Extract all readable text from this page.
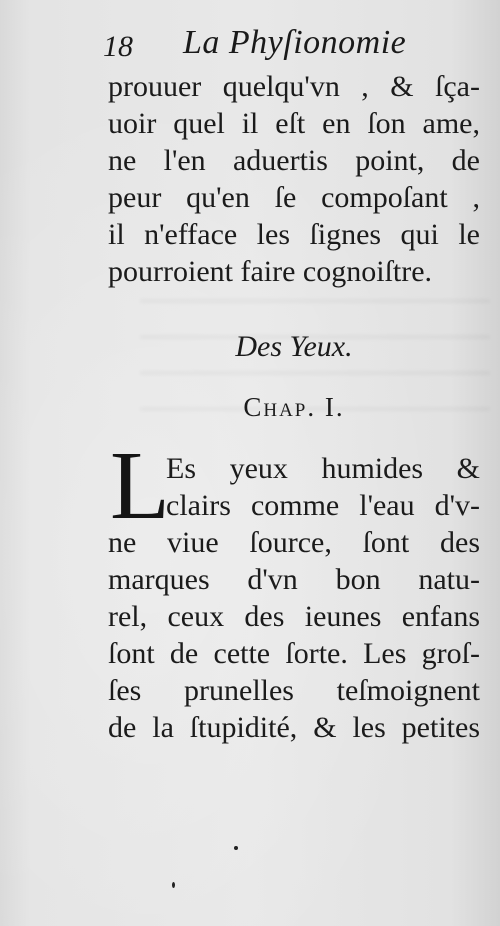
18 La Phyſionomie
prouuer quelqu'vn , & ſça-
uoir quel il eſt en ſon ame,
ne l'en aduertis point, de
peur qu'en ſe compoſant ,
il n'efface les ſignes qui le
pourroient faire cognoiſtre.
Des Yeux.
Chap. I.
L
Es yeux humides &
clairs comme l'eau d'v-
ne viue ſource, ſont des
marques d'vn bon natu-
rel, ceux des ieunes enfans
ſont de cette ſorte. Les groſ-
ſes prunelles teſmoignent
de la ſtupidité, & les petites
